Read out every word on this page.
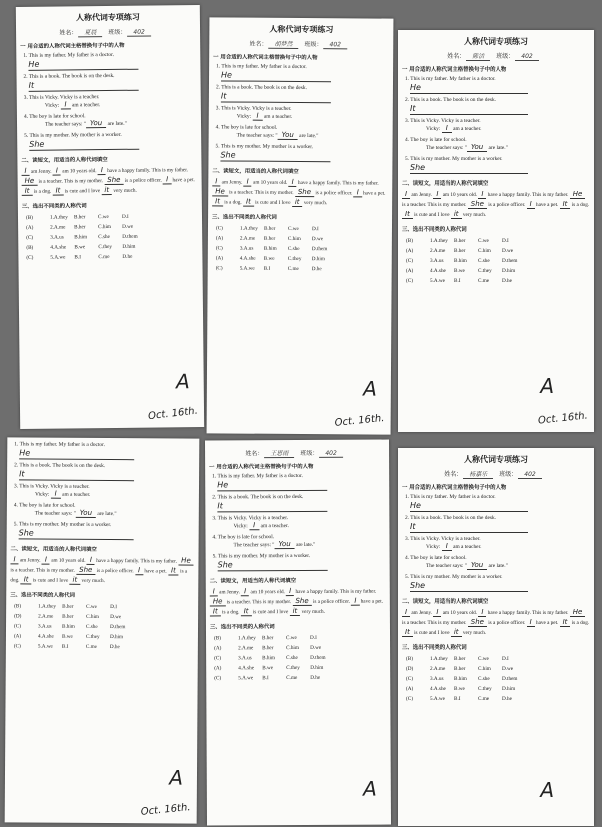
人称代词专项练习
姓名： 夏晨 班级： 402
一 用合适的人称代词主格替换句子中的人物
1. This is my father. My father is a doctor.
He
2. This is a book. The book is on the desk.
It
3. This is Vicky. Vicky is a teacher.
Vicky: I am a teacher.
4. The boy is late for school.
The teacher says: " You are late."
5. This is my mother. My mother is a worker.
She
二、读短文，用适当的人称代词填空
I am Jenny. I am 10 years old. I have a happy family. This is my father. He is a teacher. This is my mother. She is a police officer. I have a pet. It is a dog. It is cute and I love it very much.
三、选出不同类的人称代词
(B)	1.A.they B.her C.we	D.I
(A)	2.A.me B.her C.him D.we
(C)	3.A.us B.him C.she D.them
(B)	4.A.she B.we	C.they D.him
(C)	5.A.we B.I	C.me D.he
A
Oct. 16th.
人称代词专项练习
姓名： 胡梦然 班级： 402
一 用合适的人称代词主格替换句子中的人物
1. This is my father. My father is a doctor.
He
2. This is a book. The book is on the desk.
It
3. This is Vicky. Vicky is a teacher.
Vicky: I am a teacher.
4. The boy is late for school.
The teacher says: " You are late."
5. This is my mother. My mother is a worker.
She
二、读短文，用适当的人称代词填空
I am Jenny. I am 10 years old. I have a happy family. This is my father. He is a teacher. This is my mother. She is a police officer. I have a pet. It is a dog. It is cute and I love it very much.
三、选出不同类的人称代词
(C)	1.A.they B.her C.we	D.I
(A)	2.A.me B.her C.him D.we
(C)	3.A.us B.him C.she D.them
(A)	4.A.she B.we	C.they D.him
(C)	5.A.we B.I	C.me D.he
A
Oct. 16th.
人称代词专项练习
姓名： 陈洁 班级： 402
一 用合适的人称代词主格替换句子中的人物
1. This is my father. My father is a doctor.
He
2. This is a book. The book is on the desk.
It
3. This is Vicky. Vicky is a teacher.
Vicky: I am a teacher.
4. The boy is late for school.
The teacher says: " You are late."
5. This is my mother. My mother is a worker.
She
二、读短文，用适当的人称代词填空
I am Jenny. I am 10 years old. I have a happy family. This is my father. He is a teacher. This is my mother. She is a police officer. I have a pet. It is a dog. It is cute and I love it very much.
三、选出不同类的人称代词
(B)	1.A.they B.her C.we	D.I
(A)	2.A.me B.her C.him D.we
(C)	3.A.us B.him C.she D.them
(A)	4.A.she B.we	C.they D.him
(C)	5.A.we B.I	C.me D.he
A
Oct. 16th.
1. This is my father. My father is a doctor.
He
2. This is a book. The book is on the desk.
It
3. This is Vicky. Vicky is a teacher.
Vicky: I am a teacher.
4. The boy is late for school.
The teacher says: " You are late."
5. This is my mother. My mother is a worker.
She
二、读短文，用适当的人称代词填空
I am Jenny. I am 10 years old. I have a happy family. This is my father. He is a teacher. This is my mother. She is a police officer. I have a pet. It is a dog. It is cute and I love it very much.
三、选出不同类的人称代词
(B)	1.A.they B.her C.we	D.I
(D)	2.A.me B.her C.him D.we
(C)	3.A.us B.him C.she D.them
(A)	4.A.she B.we	C.they D.him
(C)	5.A.we B.I	C.me D.he
A
Oct. 16th.
姓名： 王思雨 班级： 402
一 用合适的人称代词主格替换句子中的人物
1. This is my father. My father is a doctor.
He
2. This is a book. The book is on the desk.
It
3. This is Vicky. Vicky is a teacher.
Vicky: I am a teacher.
4. The boy is late for school.
The teacher says: " You are late."
5. This is my mother. My mother is a worker.
She
二、读短文，用适当的人称代词填空
I am Jenny. I am 10 years old. I have a happy family. This is my father. He is a teacher. This is my mother. She is a police officer. I have a pet. It is a dog. It is cute and I love it very much.
三、选出不同类的人称代词
(B)	1.A.they B.her C.we	D.I
(A)	2.A.me B.her C.him D.we
(C)	3.A.us B.him C.she D.them
(A)	4.A.she B.we	C.they D.him
(C)	5.A.we B.I	C.me D.he
A
人称代词专项练习
姓名： 杨嘉乐 班级： 402
一 用合适的人称代词主格替换句子中的人物
1. This is my father. My father is a doctor.
He
2. This is a book. The book is on the desk.
It
3. This is Vicky. Vicky is a teacher.
Vicky: I am a teacher.
4. The boy is late for school.
The teacher says: " You are late."
5. This is my mother. My mother is a worker.
She
二、读短文，用适当的人称代词填空
I am Jenny. I am 10 years old. I have a happy family. This is my father. He is a teacher. This is my mother. She is a police officer. I have a pet. It is a dog. It is cute and I love it very much.
三、选出不同类的人称代词
(B)	1.A.they B.her C.we	D.I
(D)	2.A.me B.her C.him D.we
(C)	3.A.us B.him C.she D.them
(A)	4.A.she B.we	C.they D.him
(C)	5.A.we B.I	C.me D.he
A
